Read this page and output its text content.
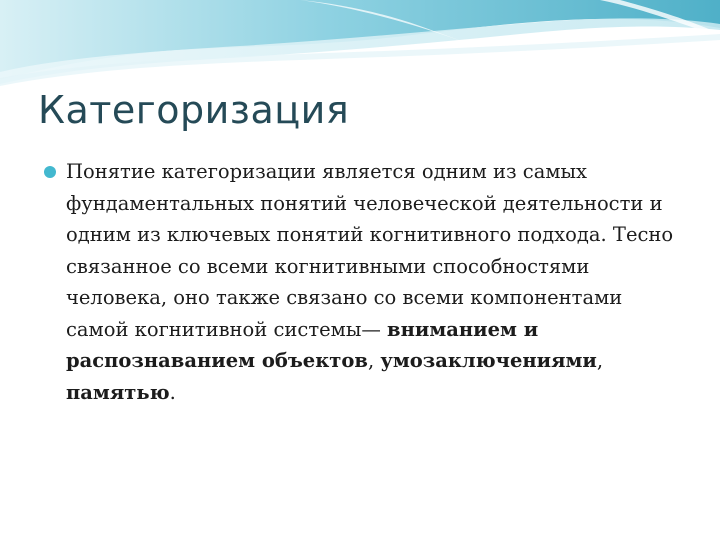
Категоризация

Понятие категоризации является одним из самых фундаментальных понятий человеческой деятельности и одним из ключевых понятий когнитивного подхода. Тесно связанное со всеми когнитивными способностями человека, оно также связано со всеми компонентами самой когнитивной системы— вниманием и распознаванием объектов, умозаключениями, памятью.
